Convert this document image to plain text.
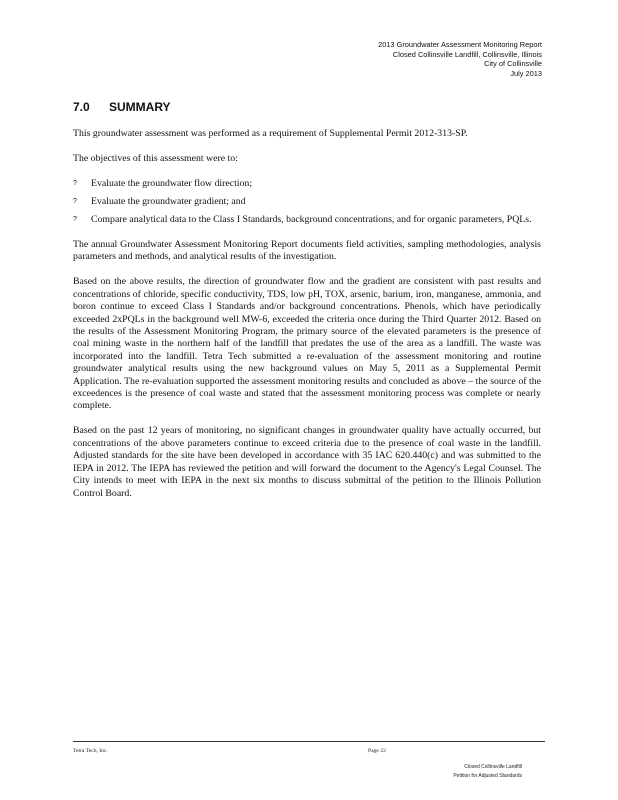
2013 Groundwater Assessment Monitoring Report
Closed Collinsville Landfill, Collinsville, Illinois
City of Collinsville
July 2013
7.0 SUMMARY

This groundwater assessment was performed as a requirement of Supplemental Permit 2012-313-SP.

The objectives of this assessment were to:

? Evaluate the groundwater flow direction;
? Evaluate the groundwater gradient; and
? Compare analytical data to the Class I Standards, background concentrations, and for organic parameters, PQLs.

The annual Groundwater Assessment Monitoring Report documents field activities, sampling methodologies, analysis parameters and methods, and analytical results of the investigation.

Based on the above results, the direction of groundwater flow and the gradient are consistent with past results and concentrations of chloride, specific conductivity, TDS, low pH, TOX, arsenic, barium, iron, manganese, ammonia, and boron continue to exceed Class I Standards and/or background concentrations. Phenols, which have periodically exceeded 2xPQLs in the background well MW-6, exceeded the criteria once during the Third Quarter 2012. Based on the results of the Assessment Monitoring Program, the primary source of the elevated parameters is the presence of coal mining waste in the northern half of the landfill that predates the use of the area as a landfill. The waste was incorporated into the landfill. Tetra Tech submitted a re-evaluation of the assessment monitoring and routine groundwater analytical results using the new background values on May 5, 2011 as a Supplemental Permit Application. The re-evaluation supported the assessment monitoring results and concluded as above – the source of the exceedences is the presence of coal waste and stated that the assessment monitoring process was complete or nearly complete.

Based on the past 12 years of monitoring, no significant changes in groundwater quality have actually occurred, but concentrations of the above parameters continue to exceed criteria due to the presence of coal waste in the landfill. Adjusted standards for the site have been developed in accordance with 35 IAC 620.440(c) and was submitted to the IEPA in 2012. The IEPA has reviewed the petition and will forward the document to the Agency's Legal Counsel. The City intends to meet with IEPA in the next six months to discuss submittal of the petition to the Illinois Pollution Control Board.

Tetra Tech, Inc.	Page 22
Closed Collinsville Landfill
Petition for Adjusted Standards
